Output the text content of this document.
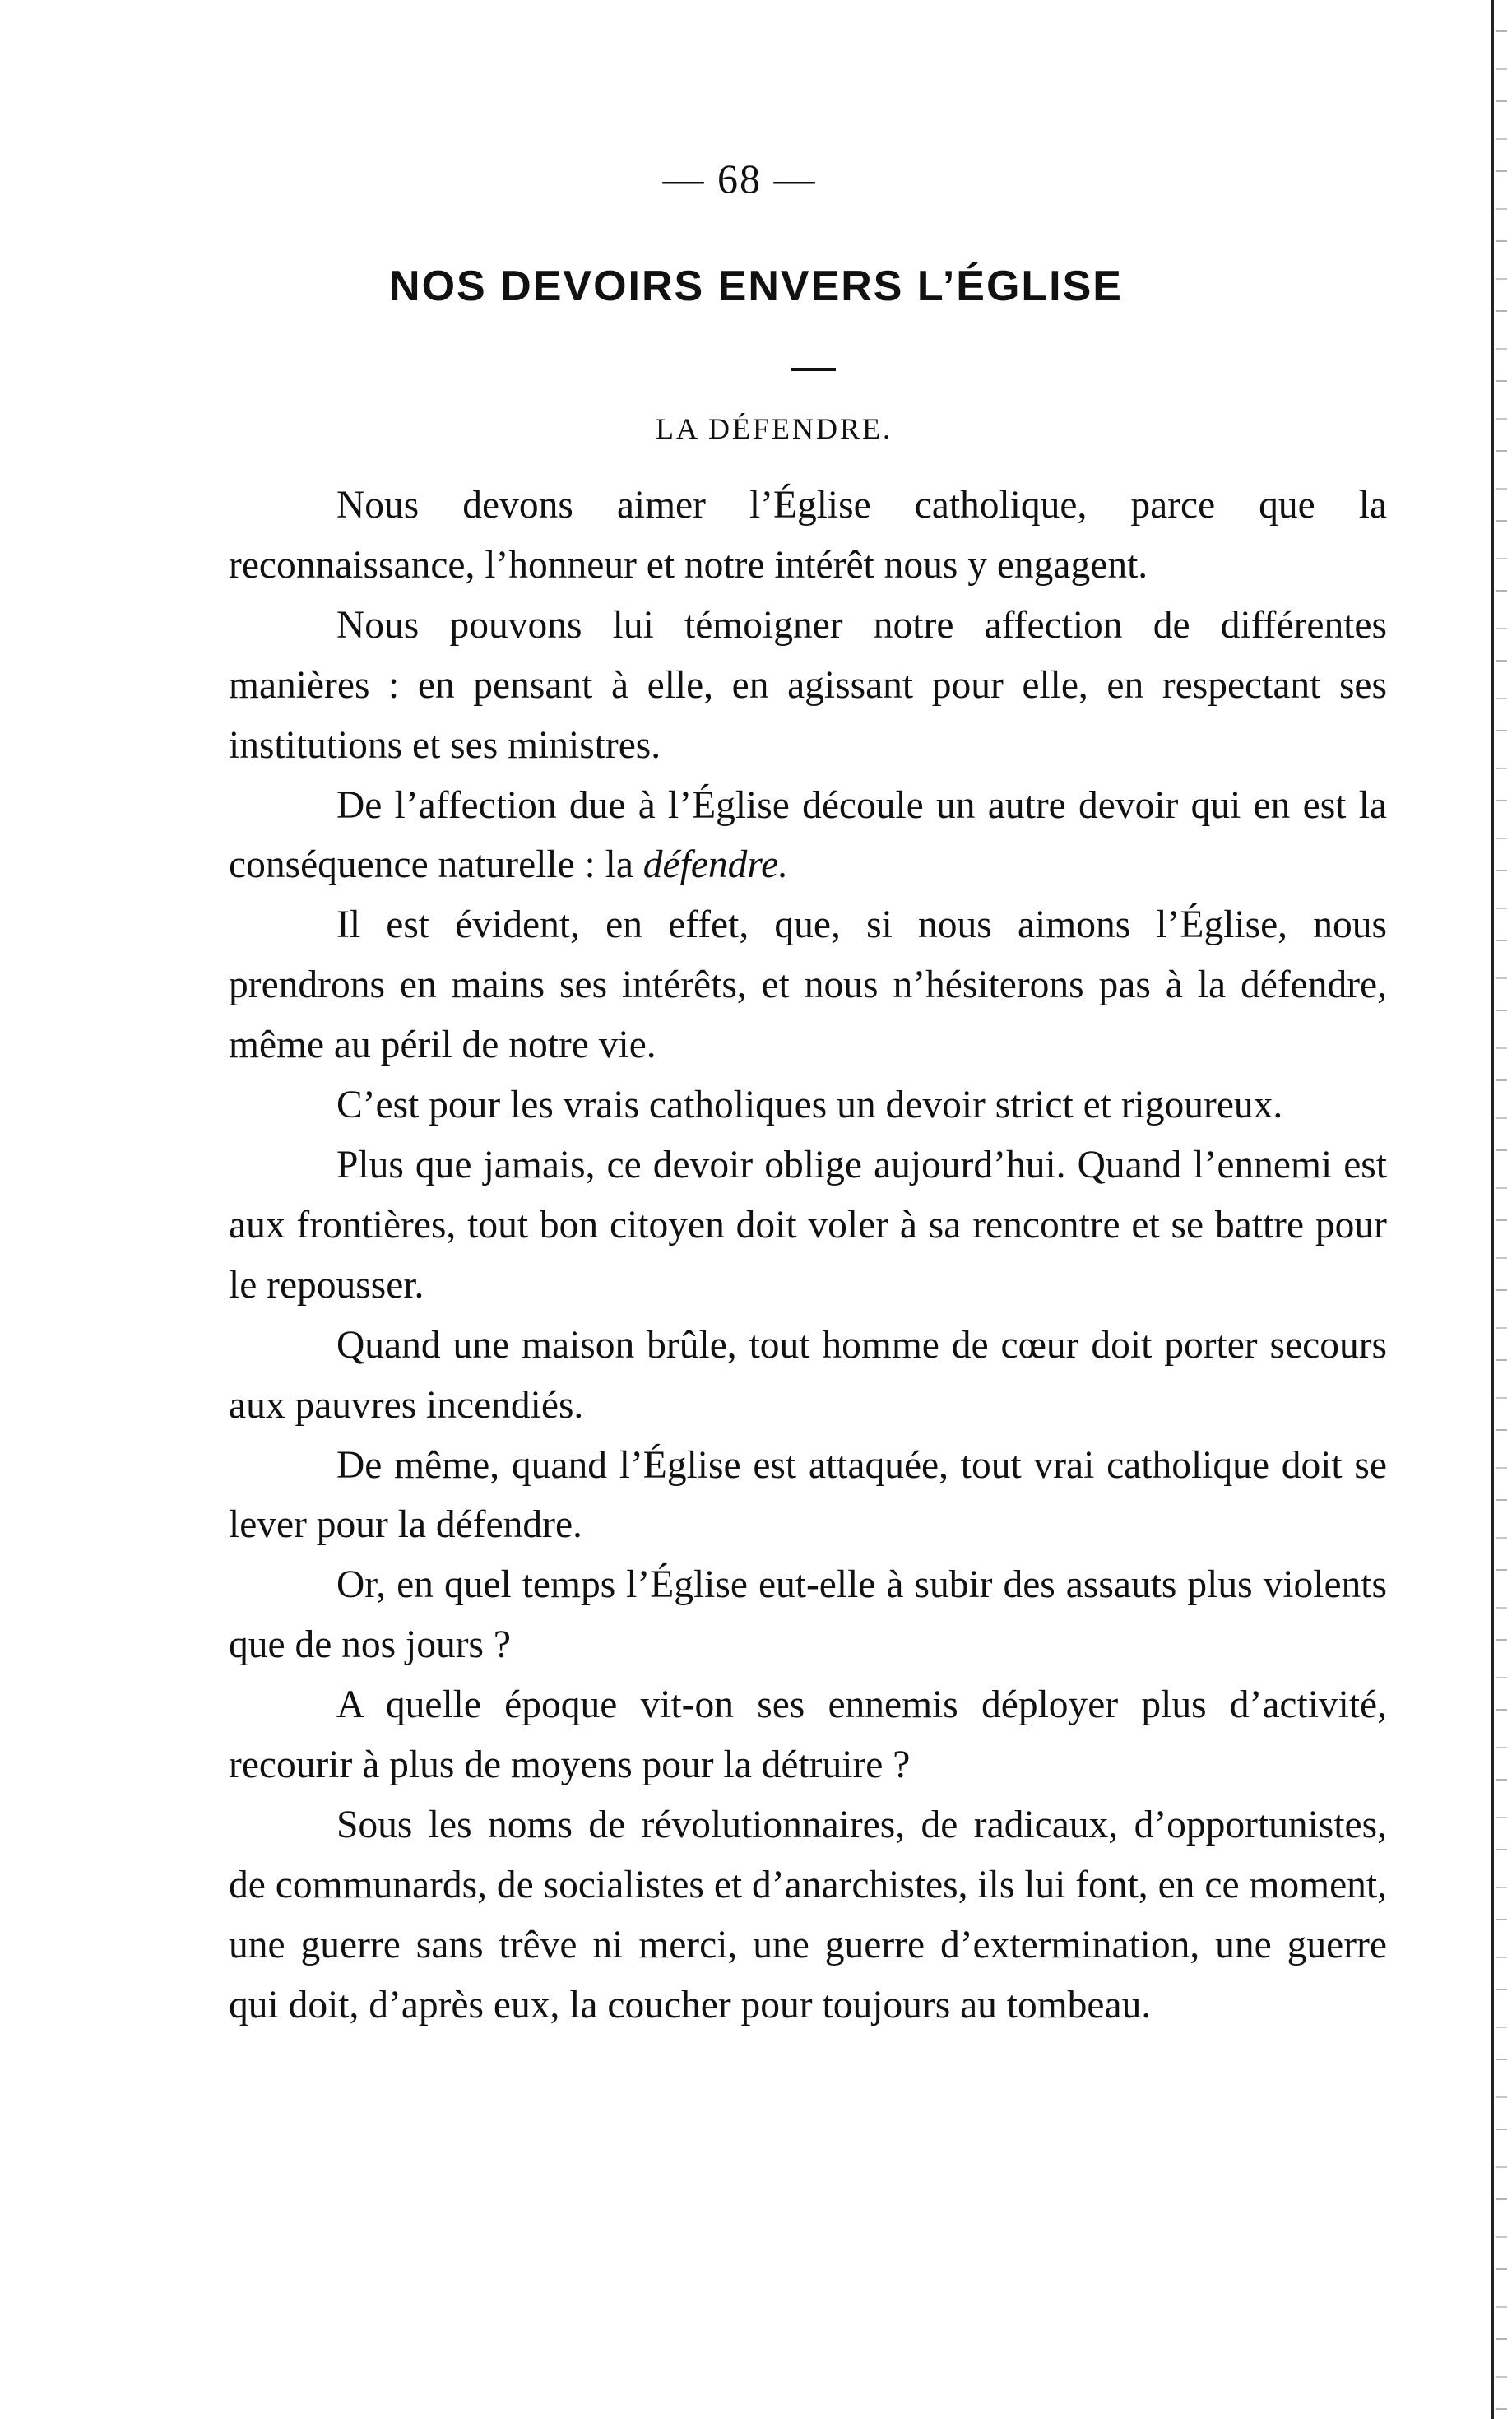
— 68 —
NOS DEVOIRS ENVERS L’ÉGLISE
LA DÉFENDRE.

Nous devons aimer l’Église catholique, parce que la reconnaissance, l’honneur et notre intérêt nous y engagent.

Nous pouvons lui témoigner notre affection de différentes manières : en pensant à elle, en agissant pour elle, en respectant ses institutions et ses ministres.

De l’affection due à l’Église découle un autre devoir qui en est la conséquence naturelle : la défendre.

Il est évident, en effet, que, si nous aimons l’Église, nous prendrons en mains ses intérêts, et nous n’hésiterons pas à la défendre, même au péril de notre vie.

C’est pour les vrais catholiques un devoir strict et rigoureux.

Plus que jamais, ce devoir oblige aujourd’hui. Quand l’ennemi est aux frontières, tout bon citoyen doit voler à sa rencontre et se battre pour le repousser.

Quand une maison brûle, tout homme de cœur doit porter secours aux pauvres incendiés.

De même, quand l’Église est attaquée, tout vrai catholique doit se lever pour la défendre.

Or, en quel temps l’Église eut-elle à subir des assauts plus violents que de nos jours ?

A quelle époque vit-on ses ennemis déployer plus d’activité, recourir à plus de moyens pour la détruire ?

Sous les noms de révolutionnaires, de radicaux, d’opportunistes, de communards, de socialistes et d’anarchistes, ils lui font, en ce moment, une guerre sans trêve ni merci, une guerre d’extermination, une guerre qui doit, d’après eux, la coucher pour toujours au tombeau.
